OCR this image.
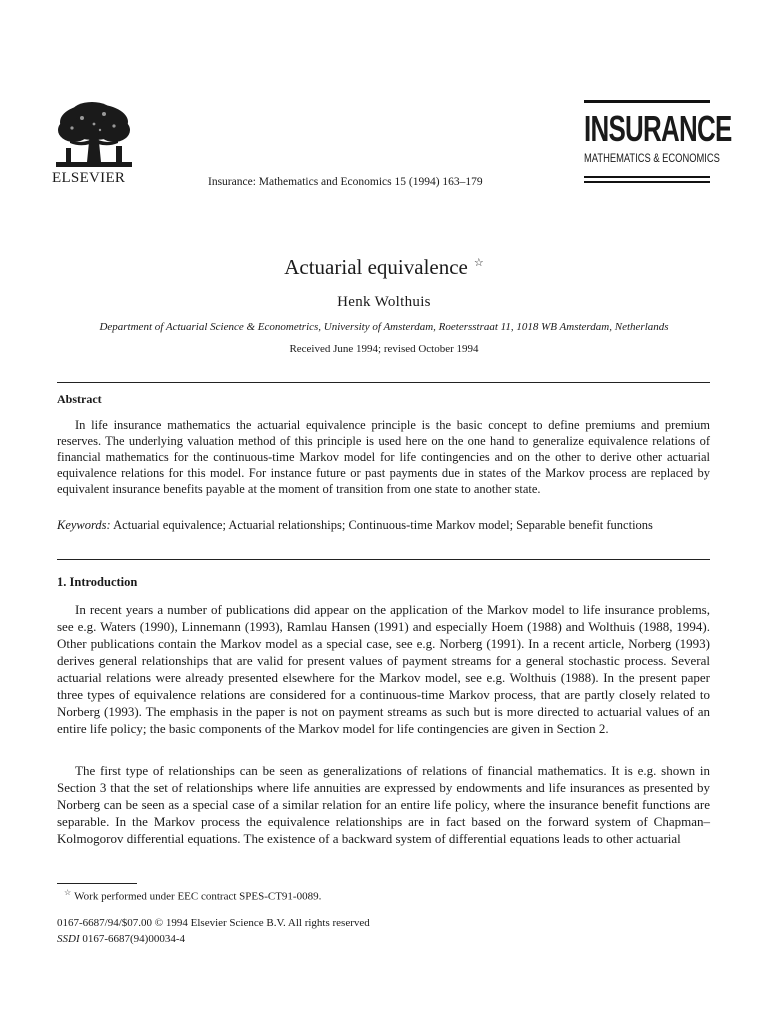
ELSEVIER	Insurance: Mathematics and Economics 15 (1994) 163–179
INSURANCE
MATHEMATICS & ECONOMICS
Actuarial equivalence ☆
Henk Wolthuis
Department of Actuarial Science & Econometrics, University of Amsterdam, Roetersstraat 11, 1018 WB Amsterdam, Netherlands
Received June 1994; revised October 1994
Abstract
In life insurance mathematics the actuarial equivalence principle is the basic concept to define premiums and premium reserves. The underlying valuation method of this principle is used here on the one hand to generalize equivalence relations of financial mathematics for the continuous-time Markov model for life contingencies and on the other to derive other actuarial equivalence relations for this model. For instance future or past payments due in states of the Markov process are replaced by equivalent insurance benefits payable at the moment of transition from one state to another state.
Keywords: Actuarial equivalence; Actuarial relationships; Continuous-time Markov model; Separable benefit functions
1. Introduction
In recent years a number of publications did appear on the application of the Markov model to life insurance problems, see e.g. Waters (1990), Linnemann (1993), Ramlau Hansen (1991) and especially Hoem (1988) and Wolthuis (1988, 1994). Other publications contain the Markov model as a special case, see e.g. Norberg (1991). In a recent article, Norberg (1993) derives general relationships that are valid for present values of payment streams for a general stochastic process. Several actuarial relations were already presented elsewhere for the Markov model, see e.g. Wolthuis (1988). In the present paper three types of equivalence relations are considered for a continuous-time Markov process, that are partly closely related to Norberg (1993). The emphasis in the paper is not on payment streams as such but is more directed to actuarial values of an entire life policy; the basic components of the Markov model for life contingencies are given in Section 2.
The first type of relationships can be seen as generalizations of relations of financial mathematics. It is e.g. shown in Section 3 that the set of relationships where life annuities are expressed by endowments and life insurances as presented by Norberg can be seen as a special case of a similar relation for an entire life policy, where the insurance benefit functions are separable. In the Markov process the equivalence relationships are in fact based on the forward system of Chapman–Kolmogorov differential equations. The existence of a backward system of differential equations leads to other actuarial
☆ Work performed under EEC contract SPES-CT91-0089.
0167-6687/94/$07.00 © 1994 Elsevier Science B.V. All rights reserved
SSDI 0167-6687(94)00034-4
